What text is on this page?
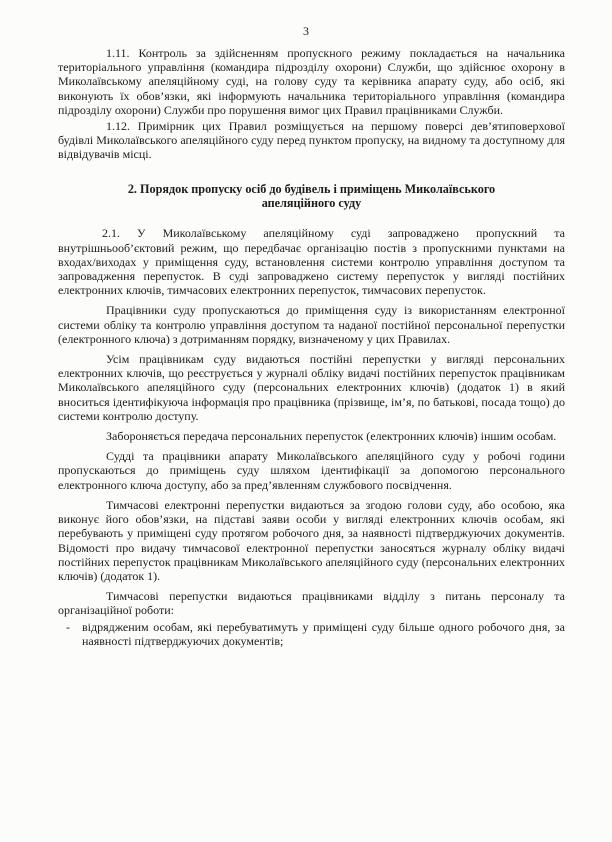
3

1.11. Контроль за здійсненням пропускного режиму покладається на начальника територіального управління (командира підрозділу охорони) Служби, що здійснює охорону в Миколаївському апеляційному суді, на голову суду та керівника апарату суду, або осіб, які виконують їх обов’язки, які інформують начальника територіального управління (командира підрозділу охорони) Служби про порушення вимог цих Правил працівниками Служби.

1.12. Примірник цих Правил розміщується на першому поверсі дев’ятиповерхової будівлі Миколаївського апеляційного суду перед пунктом пропуску, на видному та доступному для відвідувачів місці.

2. Порядок пропуску осіб до будівель і приміщень Миколаївського апеляційного суду

2.1. У Миколаївському апеляційному суді запроваджено пропускний та внутрішньооб’єктовий режим, що передбачає організацію постів з пропускними пунктами на входах/виходах у приміщення суду, встановлення системи контролю управління доступом та запровадження перепусток. В суді запроваджено систему перепусток у вигляді постійних електронних ключів, тимчасових електронних перепусток, тимчасових перепусток.

Працівники суду пропускаються до приміщення суду із використанням електронної системи обліку та контролю управління доступом та наданої постійної персональної перепустки (електронного ключа) з дотриманням порядку, визначеному у цих Правилах.

Усім працівникам суду видаються постійні перепустки у вигляді персональних електронних ключів, що реєструється у журналі обліку видачі постійних перепусток працівникам Миколаївського апеляційного суду (персональних електронних ключів) (додаток 1) в який вноситься ідентифікуюча інформація про працівника (прізвище, ім’я, по батькові, посада тощо) до системи контролю доступу.

Забороняється передача персональних перепусток (електронних ключів) іншим особам.

Судді та працівники апарату Миколаївського апеляційного суду у робочі години пропускаються до приміщень суду шляхом ідентифікації за допомогою персонального електронного ключа доступу, або за пред’явленням службового посвідчення.

Тимчасові електронні перепустки видаються за згодою голови суду, або особою, яка виконує його обов’язки, на підставі заяви особи у вигляді електронних ключів особам, які перебувають у приміщені суду протягом робочого дня, за наявності підтверджуючих документів. Відомості про видачу тимчасової електронної перепустки заносяться журналу обліку видачі постійних перепусток працівникам Миколаївського апеляційного суду (персональних електронних ключів) (додаток 1).

Тимчасові перепустки видаються працівниками відділу з питань персоналу та організаційної роботи:

- відрядженим особам, які перебуватимуть у приміщені суду більше одного робочого дня, за наявності підтверджуючих документів;
